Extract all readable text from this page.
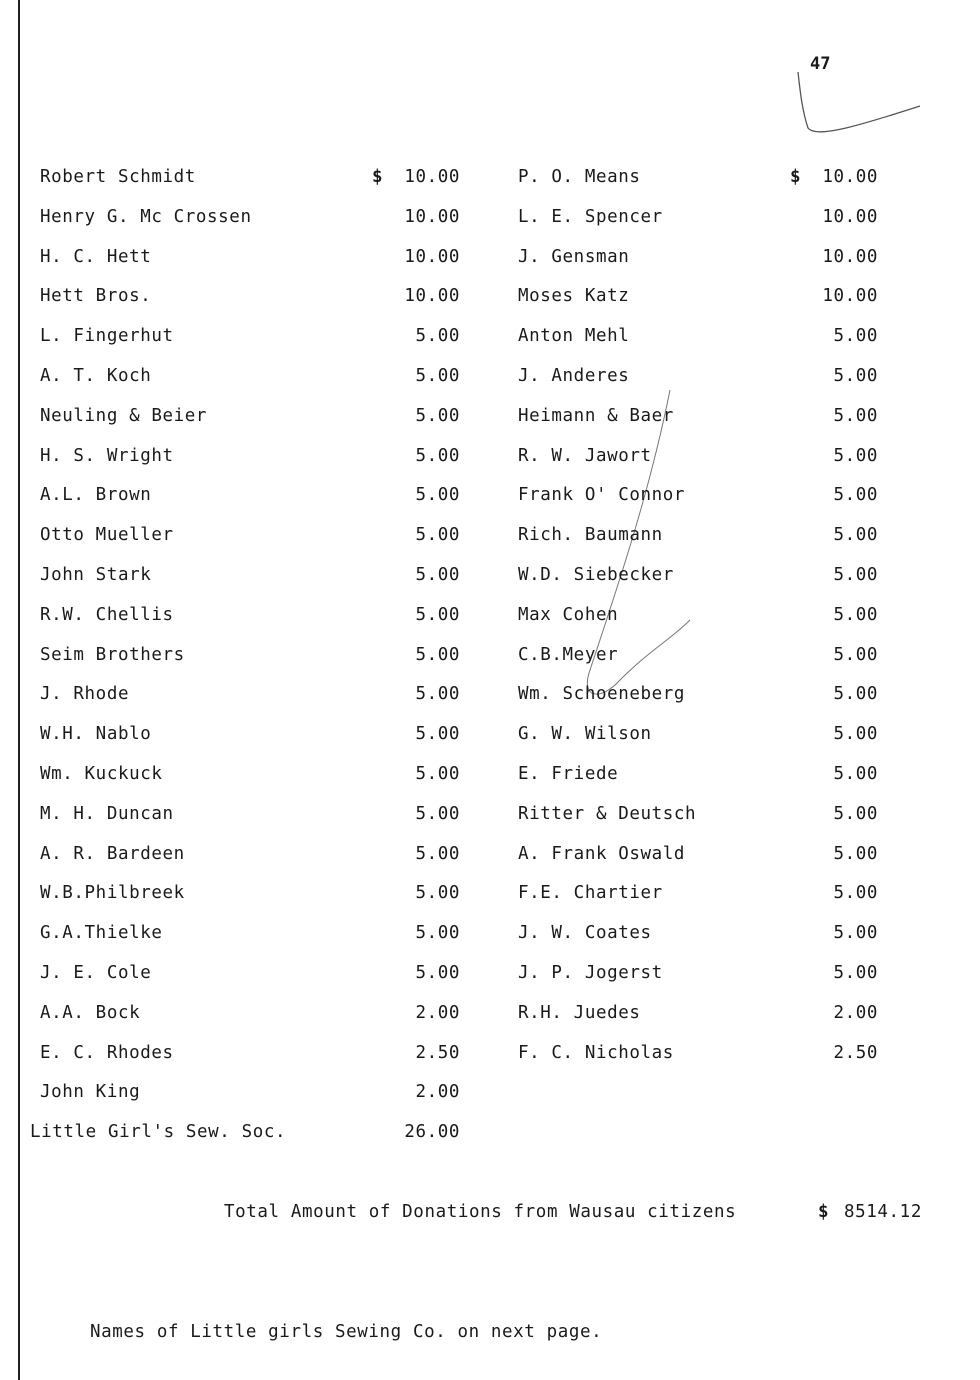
47
Robert Schmidt	$ 10.00
Henry G. Mc Crossen	10.00
H. C. Hett	10.00
Hett Bros.	10.00
L. Fingerhut	5.00
A. T. Koch	5.00
Neuling & Beier	5.00
H. S. Wright	5.00
A.L. Brown	5.00
Otto Mueller	5.00
John Stark	5.00
R.W. Chellis	5.00
Seim Brothers	5.00
J. Rhode	5.00
W.H. Nablo	5.00
Wm. Kuckuck	5.00
M. H. Duncan	5.00
A. R. Bardeen	5.00
W.B.Philbreek	5.00
G.A.Thielke	5.00
J. E. Cole	5.00
A.A. Bock	2.00
E. C. Rhodes	2.50
John King	2.00
Little Girl's Sew. Soc.	26.00
P. O. Means	$ 10.00
L. E. Spencer	10.00
J. Gensman	10.00
Moses Katz	10.00
Anton Mehl	5.00
J. Anderes	5.00
Heimann & Baer	5.00
R. W. Jawort	5.00
Frank O' Connor	5.00
Rich. Baumann	5.00
W.D. Siebecker	5.00
Max Cohen	5.00
C.B.Meyer	5.00
Wm. Schoeneberg	5.00
G. W. Wilson	5.00
E. Friede	5.00
Ritter & Deutsch	5.00
A. Frank Oswald	5.00
F.E. Chartier	5.00
J. W. Coates	5.00
J. P. Jogerst	5.00
R.H. Juedes	2.00
F. C. Nicholas	2.50
Total Amount of Donations from Wausau citizens	$ 8514.12
Names of Little girls Sewing Co. on next page.
